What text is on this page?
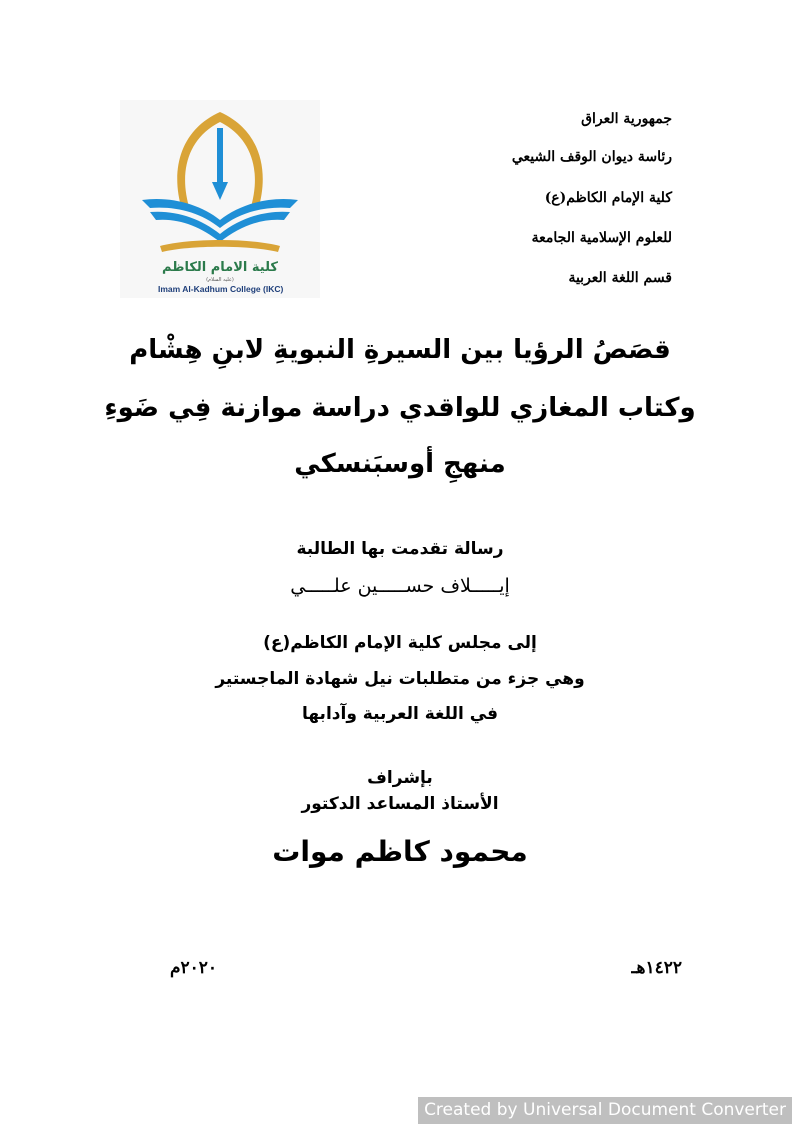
كلية الامام الكاظم
(عليه السلام)
Imam Al-Kadhum College (IKC)
جمهورية العراق
رئاسة ديوان الوقف الشيعي
كلية الإمام الكاظم(ع)
للعلوم الإسلامية الجامعة
قسم اللغة العربية
قصَصُ الرؤيا بين السيرةِ النبويةِ لابنِ هِشْام
وكتاب المغازي للواقدي دراسة موازنة فِي ضَوءِ
منهجِ أوسبَنسكي
رسالة تقدمت بها الطالبة
إيـــــلاف حســـــين علـــــي
إلى مجلس كلية الإمام الكاظم(ع)
وهي جزء من متطلبات نيل شهادة الماجستير
في اللغة العربية وآدابها
بإشراف
الأستاذ المساعد الدكتور
محمود كاظم موات
١٤٢٢هـ
٢٠٢٠م
Created by Universal Document Converter
